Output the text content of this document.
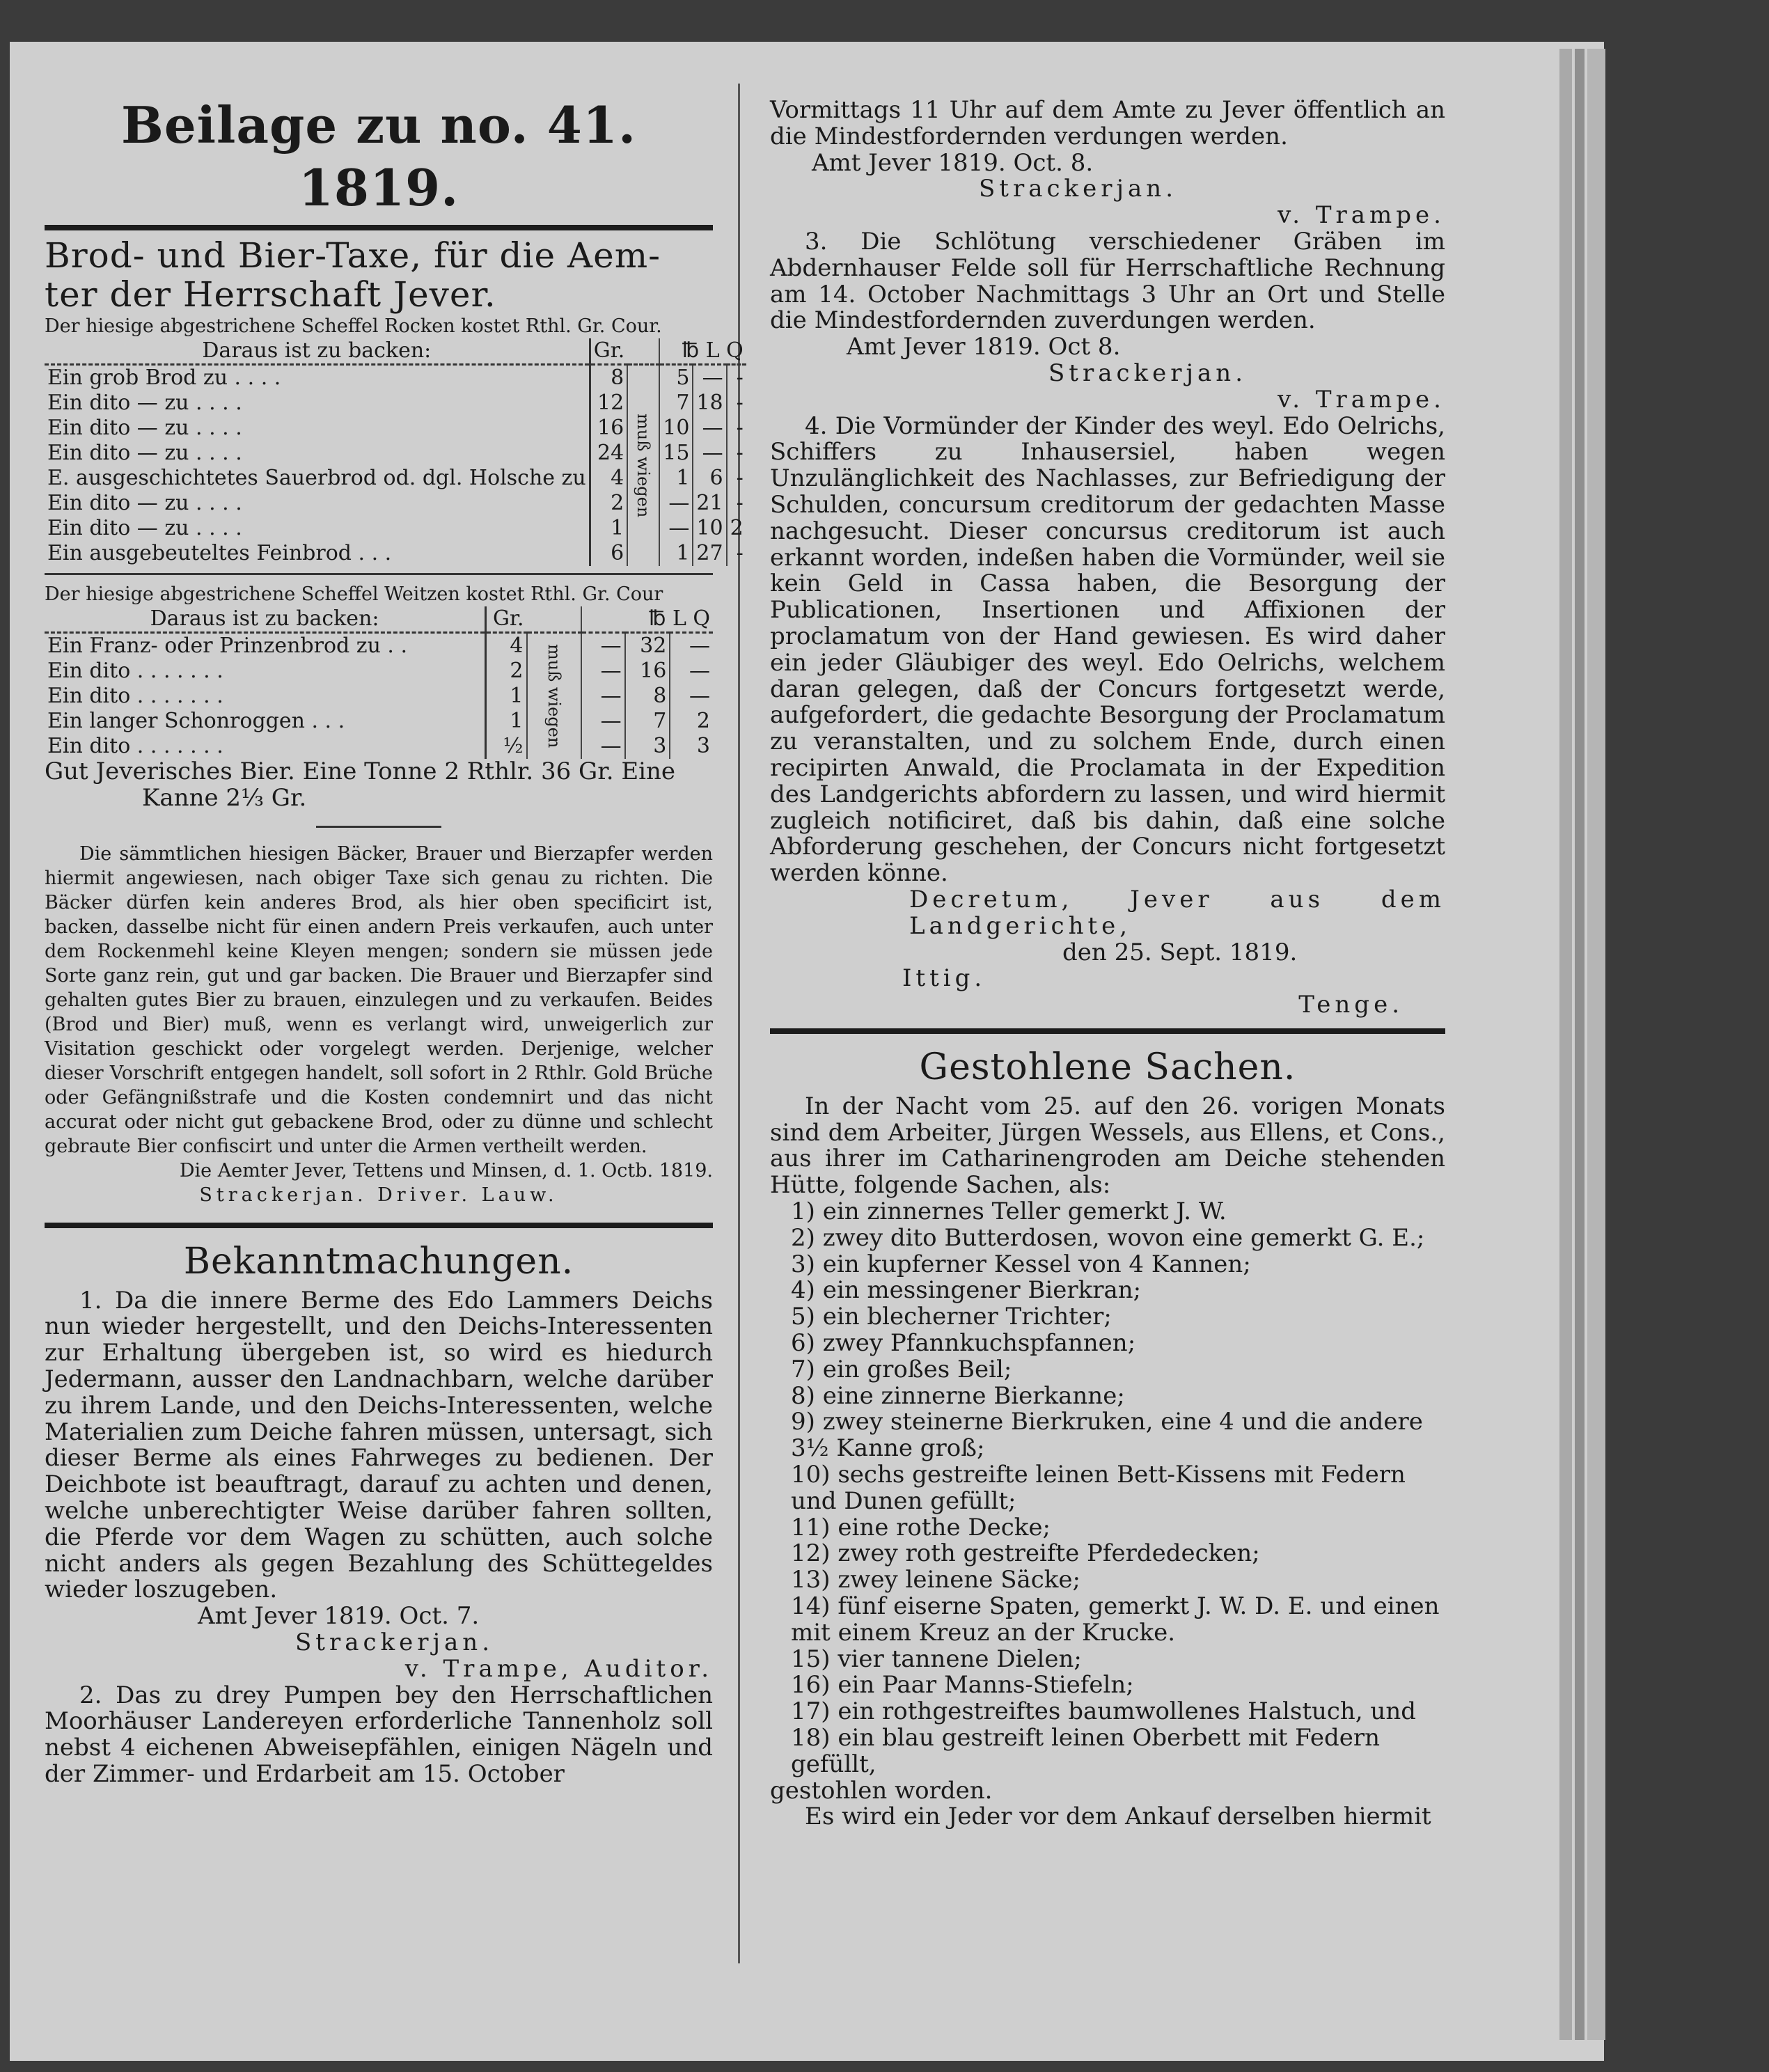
Beilage zu no. 41. 1819.
Brod- und Bier-Taxe, für die Aem-
ter der Herrschaft Jever.
Der hiesige abgestrichene Scheffel Rocken kostet Rthl. Gr. Cour.
Daraus ist zu backen:	Gr.		℔ L Q		
Ein grob Brod zu . . . .	8	muß wiegen	5	—	-
Ein dito — zu . . . .	12		7	18	-
Ein dito — zu . . . .	16		10	—	-
Ein dito — zu . . . .	24		15	—	-
E. ausgeschichtetes Sauerbrod od. dgl. Holsche zu	4		1	6	-
Ein dito — zu . . . .	2		—	21	-
Ein dito — zu . . . .	1		—	10	2
Ein ausgebeuteltes Feinbrod . . .	6		1	27	-
Der hiesige abgestrichene Scheffel Weitzen kostet Rthl. Gr. Cour
Daraus ist zu backen:	Gr.		℔ L Q		
Ein Franz- oder Prinzenbrod zu . .	4	muß wiegen	—	32	—
Ein dito . . . . . . .	2		—	16	—
Ein dito . . . . . . .	1		—	8	—
Ein langer Schonroggen . . .	1		—	7	2
Ein dito . . . . . . .	½		—	3	3

Gut Jeverisches Bier. Eine Tonne 2 Rthlr. 36 Gr. Eine

Kanne 2⅓ Gr.

Die sämmtlichen hiesigen Bäcker, Brauer und Bierzapfer werden hiermit angewiesen, nach obiger Taxe sich genau zu richten. Die Bäcker dürfen kein anderes Brod, als hier oben specificirt ist, backen, dasselbe nicht für einen andern Preis verkaufen, auch unter dem Rockenmehl keine Kleyen mengen; sondern sie müssen jede Sorte ganz rein, gut und gar backen. Die Brauer und Bierzapfer sind gehalten gutes Bier zu brauen, einzulegen und zu verkaufen. Beides (Brod und Bier) muß, wenn es verlangt wird, unweigerlich zur Visitation geschickt oder vorgelegt werden. Derjenige, welcher dieser Vorschrift entgegen handelt, soll sofort in 2 Rthlr. Gold Brüche oder Gefängnißstrafe und die Kosten condemnirt und das nicht accurat oder nicht gut gebackene Brod, oder zu dünne und schlecht gebraute Bier confiscirt und unter die Armen vertheilt werden.

Die Aemter Jever, Tettens und Minsen, d. 1. Octb. 1819.

Strackerjan. Driver. Lauw.

Bekanntmachungen.

1. Da die innere Berme des Edo Lammers Deichs nun wieder hergestellt, und den Deichs-Interessenten zur Erhaltung übergeben ist, so wird es hiedurch Jedermann, ausser den Landnachbarn, welche darüber zu ihrem Lande, und den Deichs-Interessenten, welche Materialien zum Deiche fahren müssen, untersagt, sich dieser Berme als eines Fahrweges zu bedienen. Der Deichbote ist beauftragt, darauf zu achten und denen, welche unberechtigter Weise darüber fahren sollten, die Pferde vor dem Wagen zu schütten, auch solche nicht anders als gegen Bezahlung des Schüttegeldes wieder loszugeben.

Amt Jever 1819. Oct. 7.

Strackerjan.

v. Trampe, Auditor.

2. Das zu drey Pumpen bey den Herrschaftlichen Moorhäuser Landereyen erforderliche Tannenholz soll nebst 4 eichenen Abweisepfählen, einigen Nägeln und der Zimmer- und Erdarbeit am 15. October

Vormittags 11 Uhr auf dem Amte zu Jever öffentlich an die Mindestfordernden verdungen werden.

Amt Jever 1819. Oct. 8.

Strackerjan.

v. Trampe.

3. Die Schlötung verschiedener Gräben im Abdernhauser Felde soll für Herrschaftliche Rechnung am 14. October Nachmittags 3 Uhr an Ort und Stelle die Mindestfordernden zuverdungen werden.

Amt Jever 1819. Oct 8.

Strackerjan.

v. Trampe.

4. Die Vormünder der Kinder des weyl. Edo Oelrichs, Schiffers zu Inhausersiel, haben wegen Unzulänglichkeit des Nachlasses, zur Befriedigung der Schulden, concursum creditorum der gedachten Masse nachgesucht. Dieser concursus creditorum ist auch erkannt worden, indeßen haben die Vormünder, weil sie kein Geld in Cassa haben, die Besorgung der Publicationen, Insertionen und Affixionen der proclamatum von der Hand gewiesen. Es wird daher ein jeder Gläubiger des weyl. Edo Oelrichs, welchem daran gelegen, daß der Concurs fortgesetzt werde, aufgefordert, die gedachte Besorgung der Proclamatum zu veranstalten, und zu solchem Ende, durch einen recipirten Anwald, die Proclamata in der Expedition des Landgerichts abfordern zu lassen, und wird hiermit zugleich notificiret, daß bis dahin, daß eine solche Abforderung geschehen, der Concurs nicht fortgesetzt werden könne.

Decretum, Jever aus dem Landgerichte,

den 25. Sept. 1819.

Ittig.

Tenge.

Gestohlene Sachen.

In der Nacht vom 25. auf den 26. vorigen Monats sind dem Arbeiter, Jürgen Wessels, aus Ellens, et Cons., aus ihrer im Catharinengroden am Deiche stehenden Hütte, folgende Sachen, als:

1) ein zinnernes Teller gemerkt J. W.

2) zwey dito Butterdosen, wovon eine gemerkt G. E.;

3) ein kupferner Kessel von 4 Kannen;

4) ein messingener Bierkran;

5) ein blecherner Trichter;

6) zwey Pfannkuchspfannen;

7) ein großes Beil;

8) eine zinnerne Bierkanne;

9) zwey steinerne Bierkruken, eine 4 und die andere 3½ Kanne groß;

10) sechs gestreifte leinen Bett-Kissens mit Federn und Dunen gefüllt;

11) eine rothe Decke;

12) zwey roth gestreifte Pferdedecken;

13) zwey leinene Säcke;

14) fünf eiserne Spaten, gemerkt J. W. D. E. und einen mit einem Kreuz an der Krucke.

15) vier tannene Dielen;

16) ein Paar Manns-Stiefeln;

17) ein rothgestreiftes baumwollenes Halstuch, und

18) ein blau gestreift leinen Oberbett mit Federn gefüllt,

gestohlen worden.

Es wird ein Jeder vor dem Ankauf derselben hiermit
